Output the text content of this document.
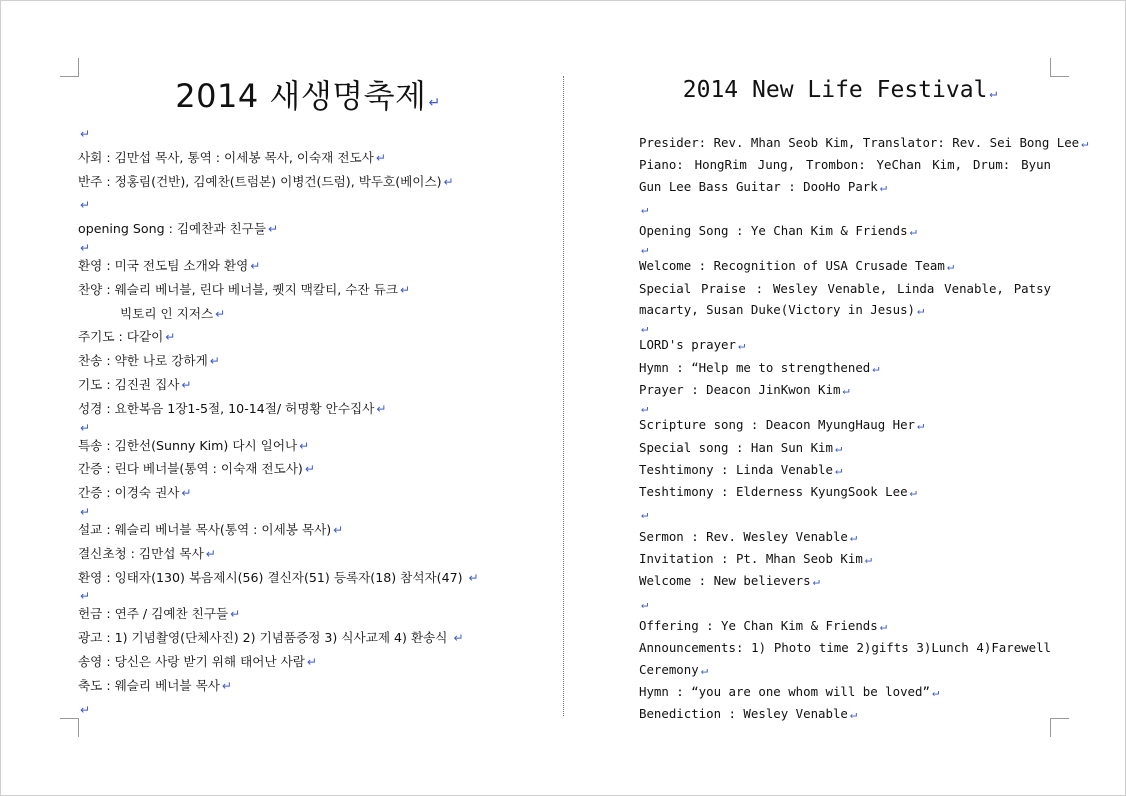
2014 새생명축제 ↵
↵
사회 : 김만섭 목사, 통역 : 이세봉 목사, 이숙재 전도사 ↵
반주 : 정홍림(건반), 김예찬(트럼본) 이병건(드럼), 박두호(베이스) ↵
↵
opening Song : 김예찬과 친구들 ↵
↵
환영 : 미국 전도팀 소개와 환영 ↵
찬양 : 웨슬리 베너블, 린다 베너블, 퀫지 맥칼티, 수잔 듀크 ↵
빅토리 인 지저스 ↵
주기도 : 다같이 ↵
찬송 : 약한 나로 강하게 ↵
기도 : 김진권 집사 ↵
성경 : 요한복음 1장1-5절, 10-14절/ 허명황 안수집사 ↵
↵
특송 : 김한선(Sunny Kim) 다시 일어나 ↵
간증 : 린다 베너블(통역 : 이숙재 전도사) ↵
간증 : 이경숙 권사 ↵
↵
설교 : 웨슬리 베너블 목사(통역 : 이세봉 목사) ↵
결신초청 : 김만섭 목사 ↵
환영 : 잉태자(130) 복음제시(56) 결신자(51) 등록자(18) 참석자(47) ↵
↵
헌금 : 연주 / 김예찬 친구들 ↵
광고 : 1) 기념촬영(단체사진) 2) 기념품증정 3) 식사교제 4) 환송식 ↵
송영 : 당신은 사랑 받기 위해 태어난 사람 ↵
축도 : 웨슬리 베너블 목사 ↵
↵
2014 New Life Festival ↵
Presider: Rev. Mhan Seob Kim, Translator: Rev. Sei Bong Lee ↵
Piano: HongRim Jung, Trombon: YeChan Kim, Drum: Byun
Gun Lee Bass Guitar : DooHo Park ↵
↵
Opening Song : Ye Chan Kim & Friends ↵
↵
Welcome : Recognition of USA Crusade Team ↵
Special Praise : Wesley Venable, Linda Venable, Patsy
macarty, Susan Duke(Victory in Jesus) ↵
↵
LORD's prayer ↵
Hymn : “Help me to strengthened ↵
Prayer : Deacon JinKwon Kim ↵
↵
Scripture song : Deacon MyungHaug Her ↵
Special song : Han Sun Kim ↵
Teshtimony : Linda Venable ↵
Teshtimony : Elderness KyungSook Lee ↵
↵
Sermon : Rev. Wesley Venable ↵
Invitation : Pt. Mhan Seob Kim ↵
Welcome : New believers ↵
↵
Offering : Ye Chan Kim & Friends ↵
Announcements: 1) Photo time 2)gifts 3)Lunch 4)Farewell
Ceremony ↵
Hymn : “you are one whom will be loved” ↵
Benediction : Wesley Venable ↵
